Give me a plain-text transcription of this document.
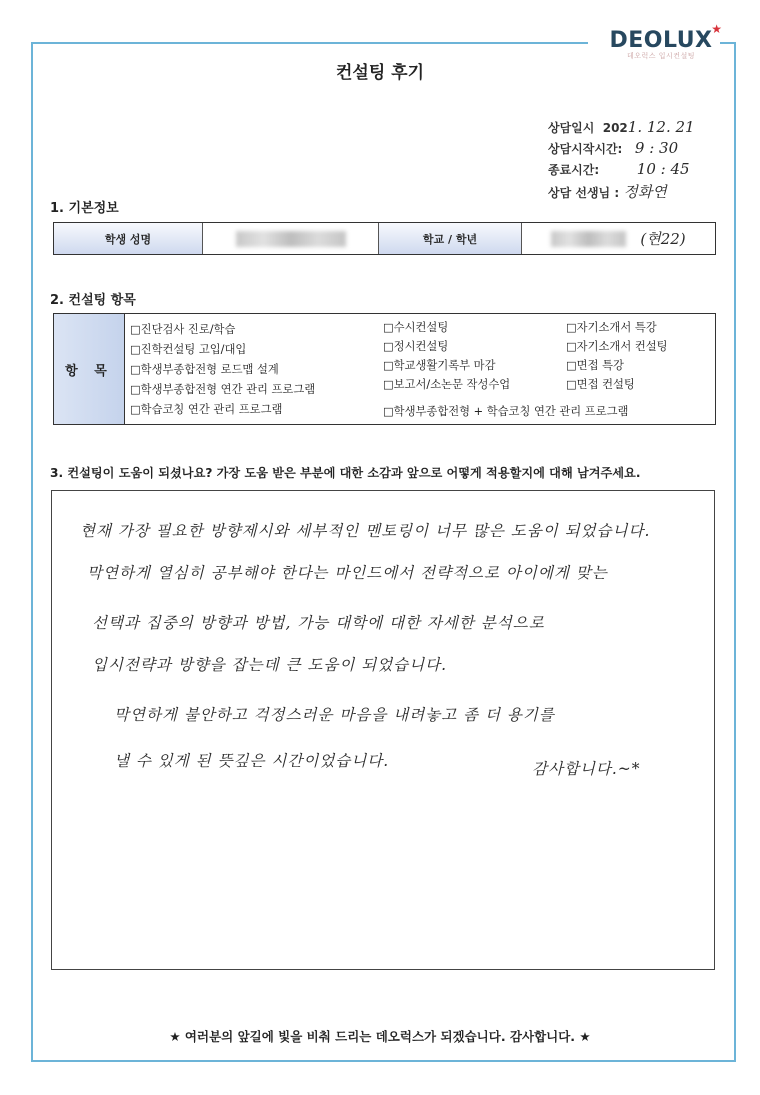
DEOLUX
★
데오럭스 입시컨설팅
컨설팅 후기
상담일시 2021. 12. 21
상담시작시간: 9 : 30
종료시간:	10 : 45
상담 선생님 : 정화연
1. 기본정보
학생 성명	학교 / 학년	(현22)
2. 컨설팅 항목
항 목
□진단검사 진로/학습
□진학컨설팅 고입/대입
□학생부종합전형 로드맵 설계
□학생부종합전형 연간 관리 프로그램
□학습코칭 연간 관리 프로그램
□수시컨설팅
□정시컨설팅
□학교생활기록부 마감
□보고서/소논문 작성수업
□학생부종합전형 + 학습코칭 연간 관리 프로그램
□자기소개서 특강
□자기소개서 컨설팅
□면접 특강
□면접 컨설팅
3. 컨설팅이 도움이 되셨나요? 가장 도움 받은 부분에 대한 소감과 앞으로 어떻게 적용할지에 대해 남겨주세요.
현재 가장 필요한 방향제시와 세부적인 멘토링이 너무 많은 도움이 되었습니다.
막연하게 열심히 공부해야 한다는 마인드에서 전략적으로 아이에게 맞는
선택과 집중의 방향과 방법, 가능 대학에 대한 자세한 분석으로
입시전략과 방향을 잡는데 큰 도움이 되었습니다.
막연하게 불안하고 걱정스러운 마음을 내려놓고 좀 더 용기를
낼 수 있게 된 뜻깊은 시간이었습니다.	감사합니다.~*
★ 여러분의 앞길에 빛을 비춰 드리는 데오럭스가 되겠습니다. 감사합니다. ★
